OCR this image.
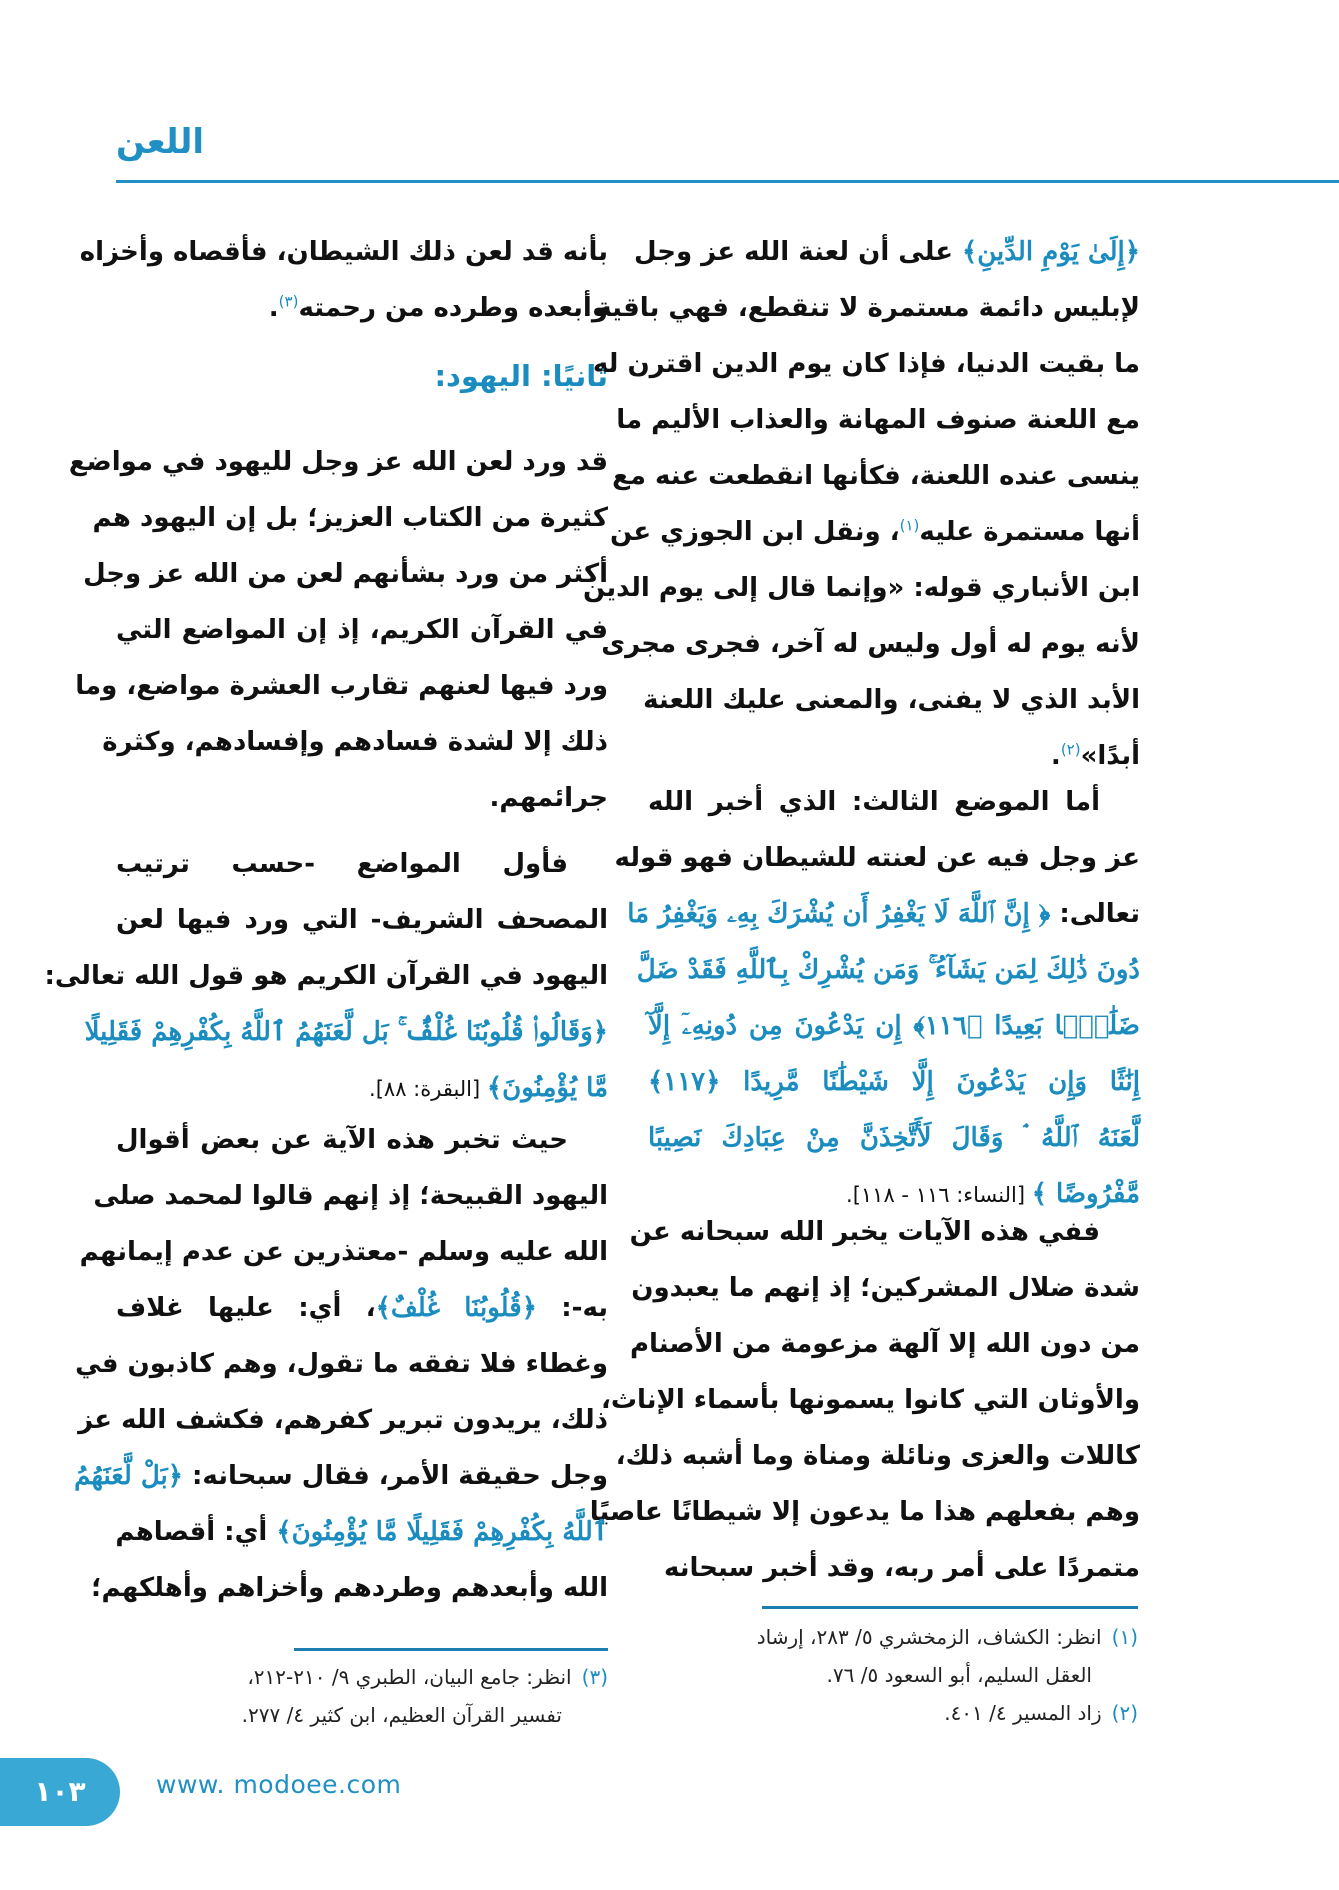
اللعن
﴿إِلَىٰ يَوْمِ الدِّينِ﴾ على أن لعنة الله عز وجل
لإبليس دائمة مستمرة لا تنقطع، فهي باقية
ما بقيت الدنيا، فإذا كان يوم الدين اقترن له
مع اللعنة صنوف المهانة والعذاب الأليم ما
ينسى عنده اللعنة، فكأنها انقطعت عنه مع
أنها مستمرة عليه$^{(١)}$، ونقل ابن الجوزي عن
ابن الأنباري قوله: «وإنما قال إلى يوم الدين
لأنه يوم له أول وليس له آخر، فجرى مجرى
الأبد الذي لا يفنى، والمعنى عليك اللعنة
أبدًا»$^{(٢)}$.
أما الموضع الثالث: الذي أخبر الله
عز وجل فيه عن لعنته للشيطان فهو قوله
تعالى: ﴿ إِنَّ ٱللَّهَ لَا يَغْفِرُ أَن يُشْرَكَ بِهِۦ وَيَغْفِرُ مَا
دُونَ ذَٰلِكَ لِمَن يَشَآءُ ۚ وَمَن يُشْرِكْ بِٱللَّهِ فَقَدْ ضَلَّ
ضَلَٰلًۢا بَعِيدًا ﴿١١٦﴾ إِن يَدْعُونَ مِن دُونِهِۦٓ إِلَّآ
إِنَٰثًا وَإِن يَدْعُونَ إِلَّا شَيْطَٰنًا مَّرِيدًا ﴿١١٧﴾
لَّعَنَهُ ٱللَّهُ ۘ وَقَالَ لَأَتَّخِذَنَّ مِنْ عِبَادِكَ نَصِيبًا
مَّفْرُوضًا ﴾ [النساء: ١١٦ - ١١٨].
ففي هذه الآيات يخبر الله سبحانه عن
شدة ضلال المشركين؛ إذ إنهم ما يعبدون
من دون الله إلا آلهة مزعومة من الأصنام
والأوثان التي كانوا يسمونها بأسماء الإناث،
كاللات والعزى ونائلة ومناة وما أشبه ذلك،
وهم بفعلهم هذا ما يدعون إلا شيطانًا عاصيًا
متمردًا على أمر ربه، وقد أخبر سبحانه
بأنه قد لعن ذلك الشيطان، فأقصاه وأخزاه
وأبعده وطرده من رحمته$^{(٣)}$.
ثانيًا: اليهود:
قد ورد لعن الله عز وجل لليهود في مواضع
كثيرة من الكتاب العزيز؛ بل إن اليهود هم
أكثر من ورد بشأنهم لعن من الله عز وجل
في القرآن الكريم، إذ إن المواضع التي
ورد فيها لعنهم تقارب العشرة مواضع، وما
ذلك إلا لشدة فسادهم وإفسادهم، وكثرة
جرائمهم.
فأول المواضع -حسب ترتيب
المصحف الشريف- التي ورد فيها لعن
اليهود في القرآن الكريم هو قول الله تعالى:
﴿وَقَالُوا۟ قُلُوبُنَا غُلْفٌۢ ۚ بَل لَّعَنَهُمُ ٱللَّهُ بِكُفْرِهِمْ فَقَلِيلًا
مَّا يُؤْمِنُونَ﴾ [البقرة: ٨٨].
حيث تخبر هذه الآية عن بعض أقوال
اليهود القبيحة؛ إذ إنهم قالوا لمحمد صلى
الله عليه وسلم -معتذرين عن عدم إيمانهم
به-: ﴿قُلُوبُنَا غُلْفٌ﴾، أي: عليها غلاف
وغطاء فلا تفقه ما تقول، وهم كاذبون في
ذلك، يريدون تبرير كفرهم، فكشف الله عز
وجل حقيقة الأمر، فقال سبحانه: ﴿بَلْ لَّعَنَهُمُ
ٱللَّهُ بِكُفْرِهِمْ فَقَلِيلًا مَّا يُؤْمِنُونَ﴾ أي: أقصاهم
الله وأبعدهم وطردهم وأخزاهم وأهلكهم؛
(١)انظر: الكشاف، الزمخشري ٥/ ٢٨٣، إرشاد
العقل السليم، أبو السعود ٥/ ٧٦.
(٢)زاد المسير ٤/ ٤٠١.
(٣)انظر: جامع البيان، الطبري ٩/ ٢١٠-٢١٢،
تفسير القرآن العظيم، ابن كثير ٤/ ٢٧٧.
www. modoee.com
١٠٣
